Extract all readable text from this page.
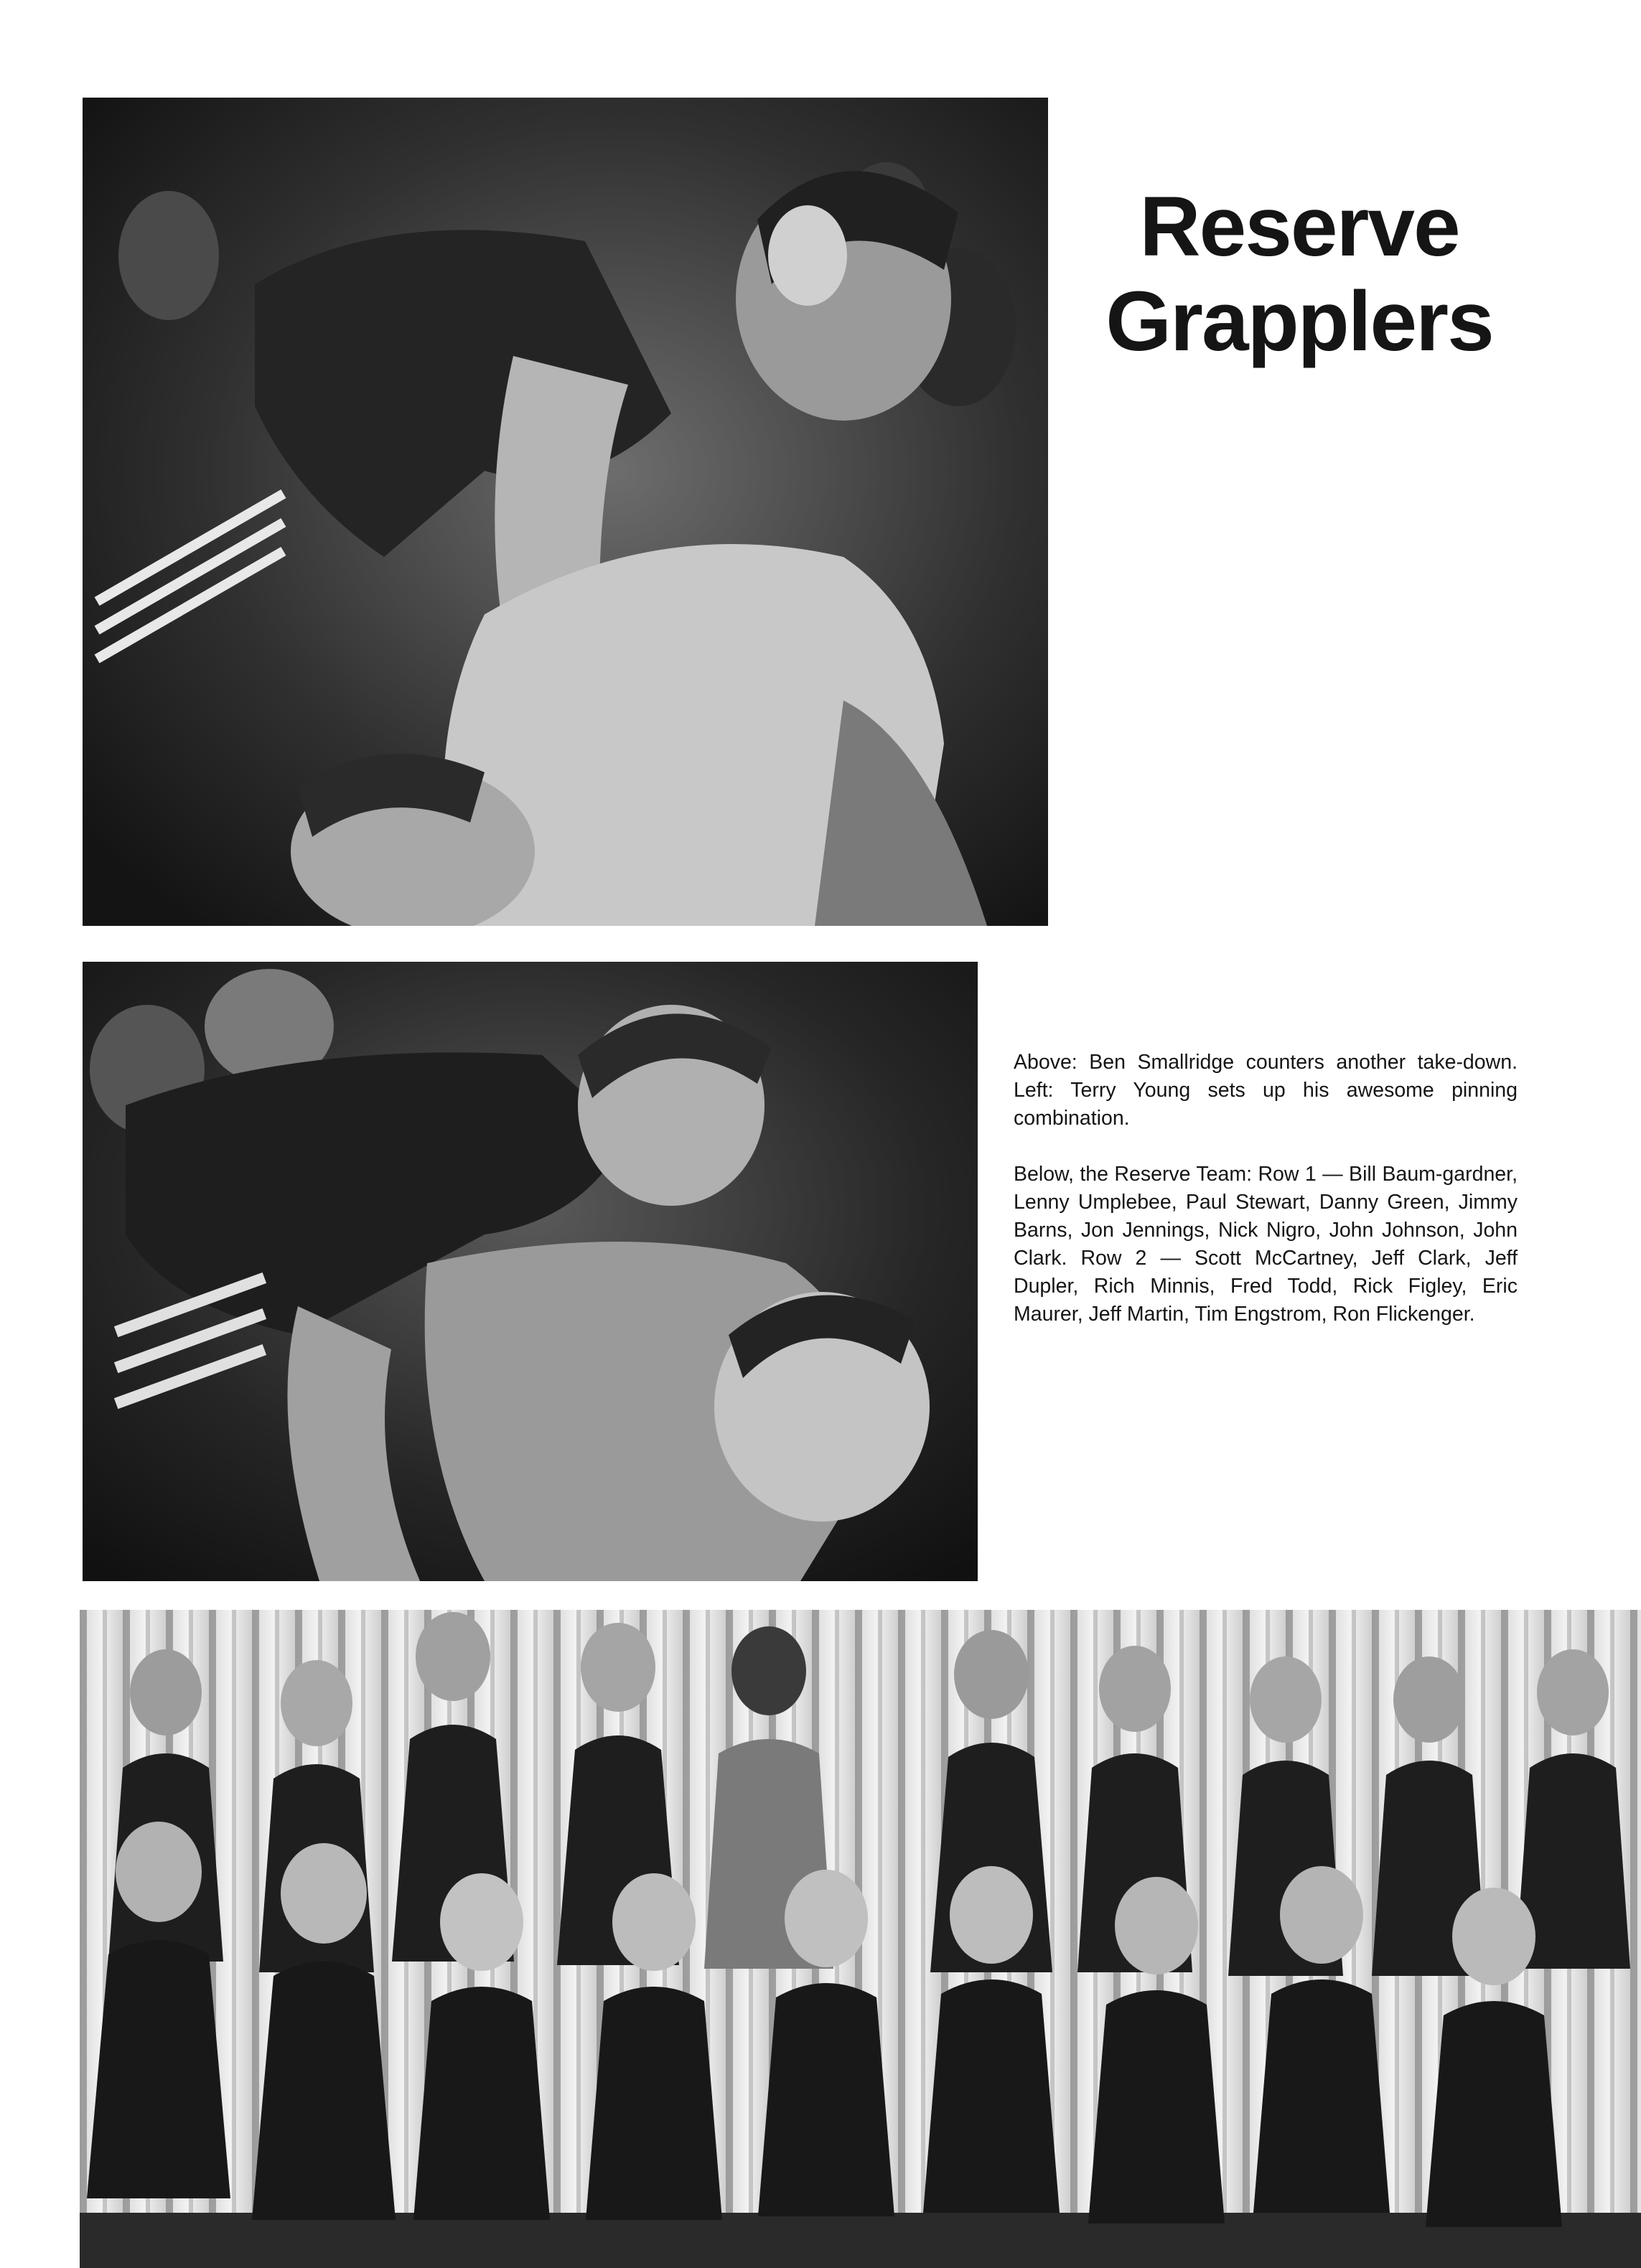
Reserve
Grapplers

Above: Ben Smallridge counters another take-down. Left: Terry Young sets up his awesome pinning combination.

Below, the Reserve Team: Row 1 — Bill Baum-gardner, Lenny Umplebee, Paul Stewart, Danny Green, Jimmy Barns, Jon Jennings, Nick Nigro, John Johnson, John Clark. Row 2 — Scott McCartney, Jeff Clark, Jeff Dupler, Rich Minnis, Fred Todd, Rick Figley, Eric Maurer, Jeff Martin, Tim Engstrom, Ron Flickenger.
